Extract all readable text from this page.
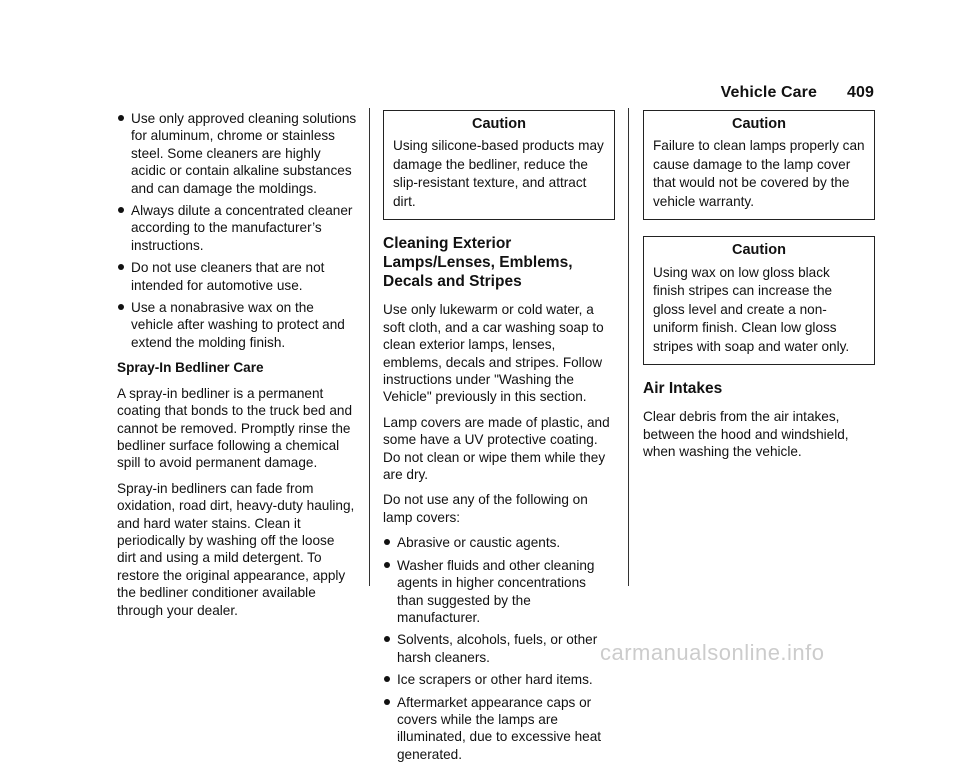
Vehicle Care 409
Use only approved cleaning solutions for aluminum, chrome or stainless steel. Some cleaners are highly acidic or contain alkaline substances and can damage the moldings.
Always dilute a concentrated cleaner according to the manufacturer’s instructions.
Do not use cleaners that are not intended for automotive use.
Use a nonabrasive wax on the vehicle after washing to protect and extend the molding finish.
Spray-In Bedliner Care

A spray-in bedliner is a permanent coating that bonds to the truck bed and cannot be removed. Promptly rinse the bedliner surface following a chemical spill to avoid permanent damage.

Spray-in bedliners can fade from oxidation, road dirt, heavy-duty hauling, and hard water stains. Clean it periodically by washing off the loose dirt and using a mild detergent. To restore the original appearance, apply the bedliner conditioner available through your dealer.

Caution
Using silicone-based products may damage the bedliner, reduce the slip-resistant texture, and attract dirt.
Cleaning Exterior Lamps/Lenses, Emblems, Decals and Stripes

Use only lukewarm or cold water, a soft cloth, and a car washing soap to clean exterior lamps, lenses, emblems, decals and stripes. Follow instructions under "Washing the Vehicle" previously in this section.

Lamp covers are made of plastic, and some have a UV protective coating. Do not clean or wipe them while they are dry.

Do not use any of the following on lamp covers:

Abrasive or caustic agents.
Washer fluids and other cleaning agents in higher concentrations than suggested by the manufacturer.
Solvents, alcohols, fuels, or other harsh cleaners.
Ice scrapers or other hard items.
Aftermarket appearance caps or covers while the lamps are illuminated, due to excessive heat generated.
Caution
Failure to clean lamps properly can cause damage to the lamp cover that would not be covered by the vehicle warranty.
Caution
Using wax on low gloss black finish stripes can increase the gloss level and create a non-uniform finish. Clean low gloss stripes with soap and water only.
Air Intakes

Clear debris from the air intakes, between the hood and windshield, when washing the vehicle.

carmanualsonline.info
